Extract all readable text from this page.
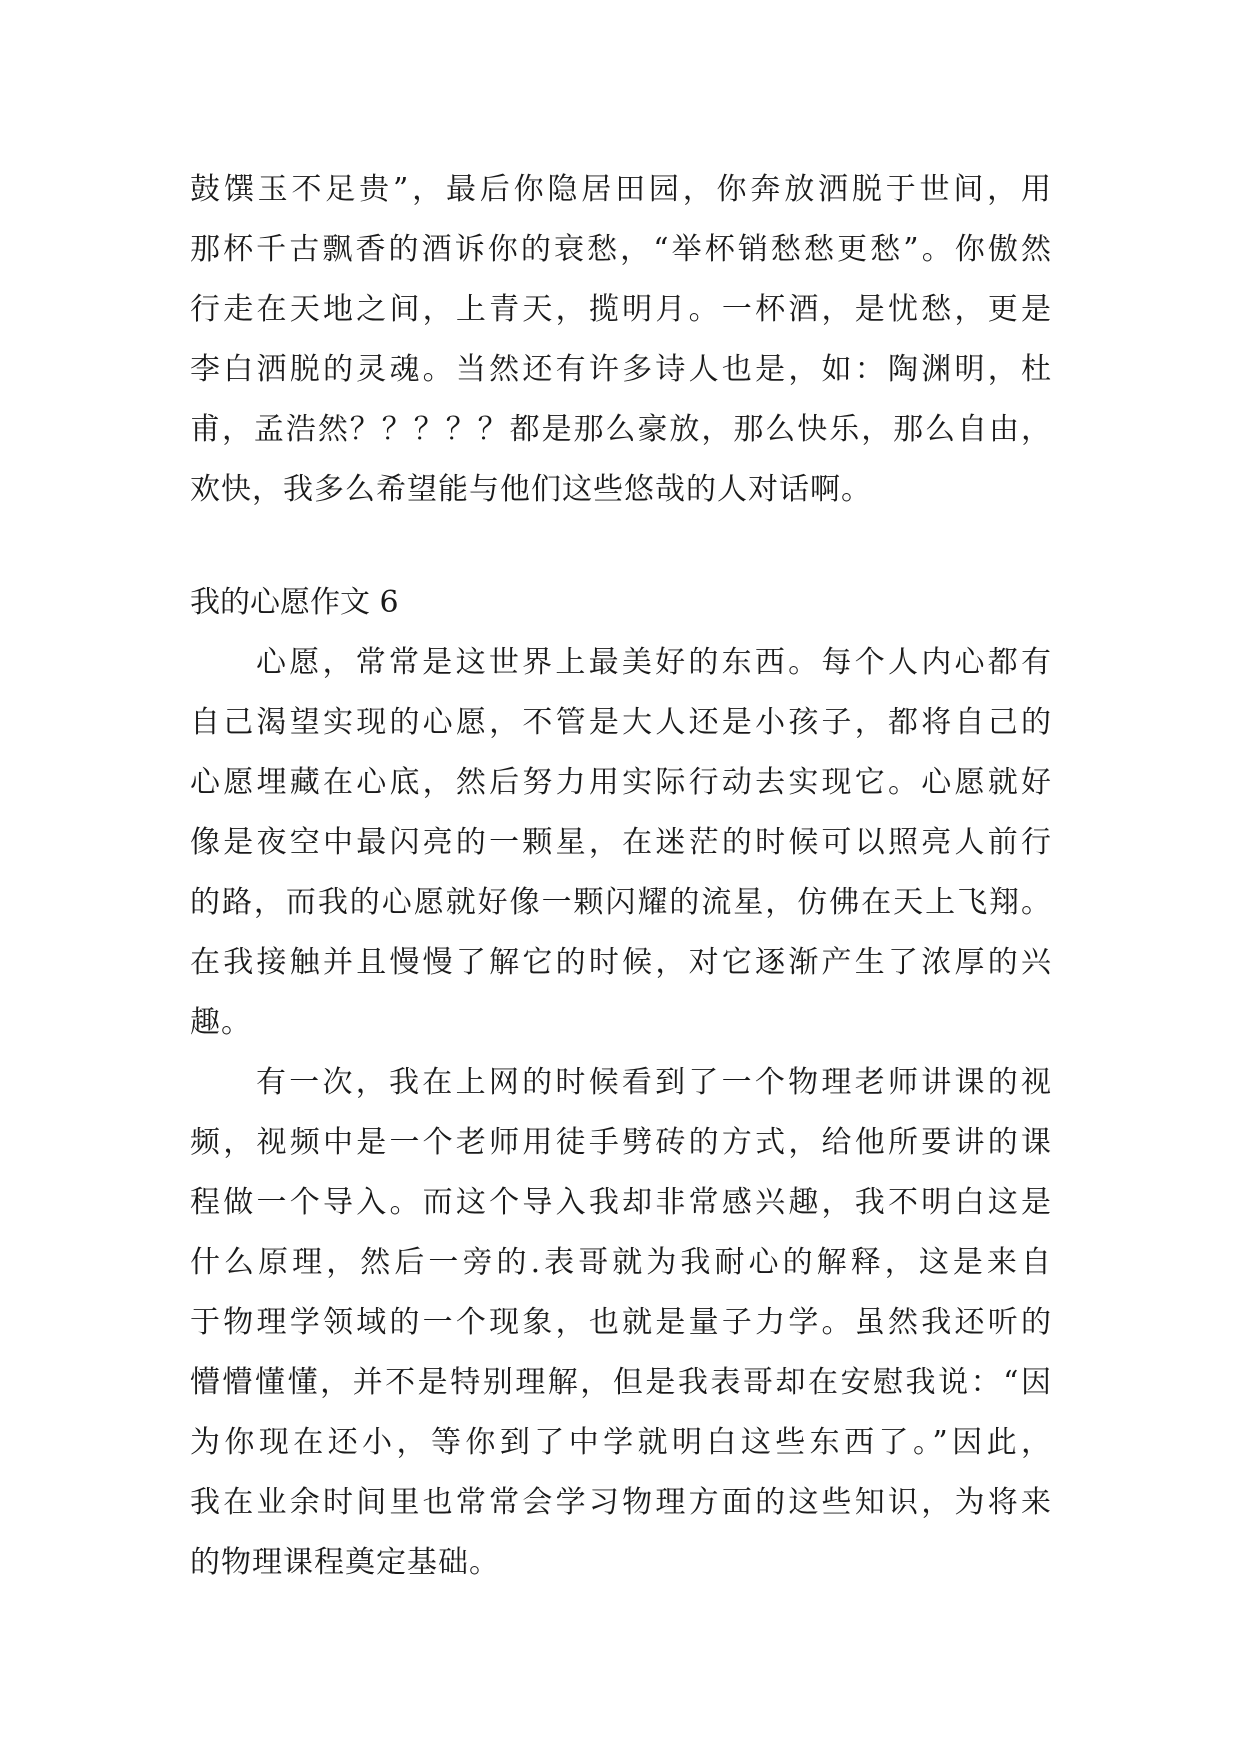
鼓馔玉不足贵”，最后你隐居田园，你奔放洒脱于世间，用
那杯千古飘香的酒诉你的衰愁，“举杯销愁愁更愁”。你傲然
行走在天地之间，上青天，揽明月。一杯酒，是忧愁，更是
李白洒脱的灵魂。当然还有许多诗人也是，如：陶渊明，杜
甫，孟浩然？？？？？都是那么豪放，那么快乐，那么自由，
欢快，我多么希望能与他们这些悠哉的人对话啊。
我的心愿作文 6
心愿，常常是这世界上最美好的东西。每个人内心都有
自己渴望实现的心愿，不管是大人还是小孩子，都将自己的
心愿埋藏在心底，然后努力用实际行动去实现它。心愿就好
像是夜空中最闪亮的一颗星，在迷茫的时候可以照亮人前行
的路，而我的心愿就好像一颗闪耀的流星，仿佛在天上飞翔。
在我接触并且慢慢了解它的时候，对它逐渐产生了浓厚的兴
趣。
有一次，我在上网的时候看到了一个物理老师讲课的视
频，视频中是一个老师用徒手劈砖的方式，给他所要讲的课
程做一个导入。而这个导入我却非常感兴趣，我不明白这是
什么原理，然后一旁的.表哥就为我耐心的解释，这是来自
于物理学领域的一个现象，也就是量子力学。虽然我还听的
懵懵懂懂，并不是特别理解，但是我表哥却在安慰我说：“因
为你现在还小，等你到了中学就明白这些东西了。”因此，
我在业余时间里也常常会学习物理方面的这些知识，为将来
的物理课程奠定基础。
